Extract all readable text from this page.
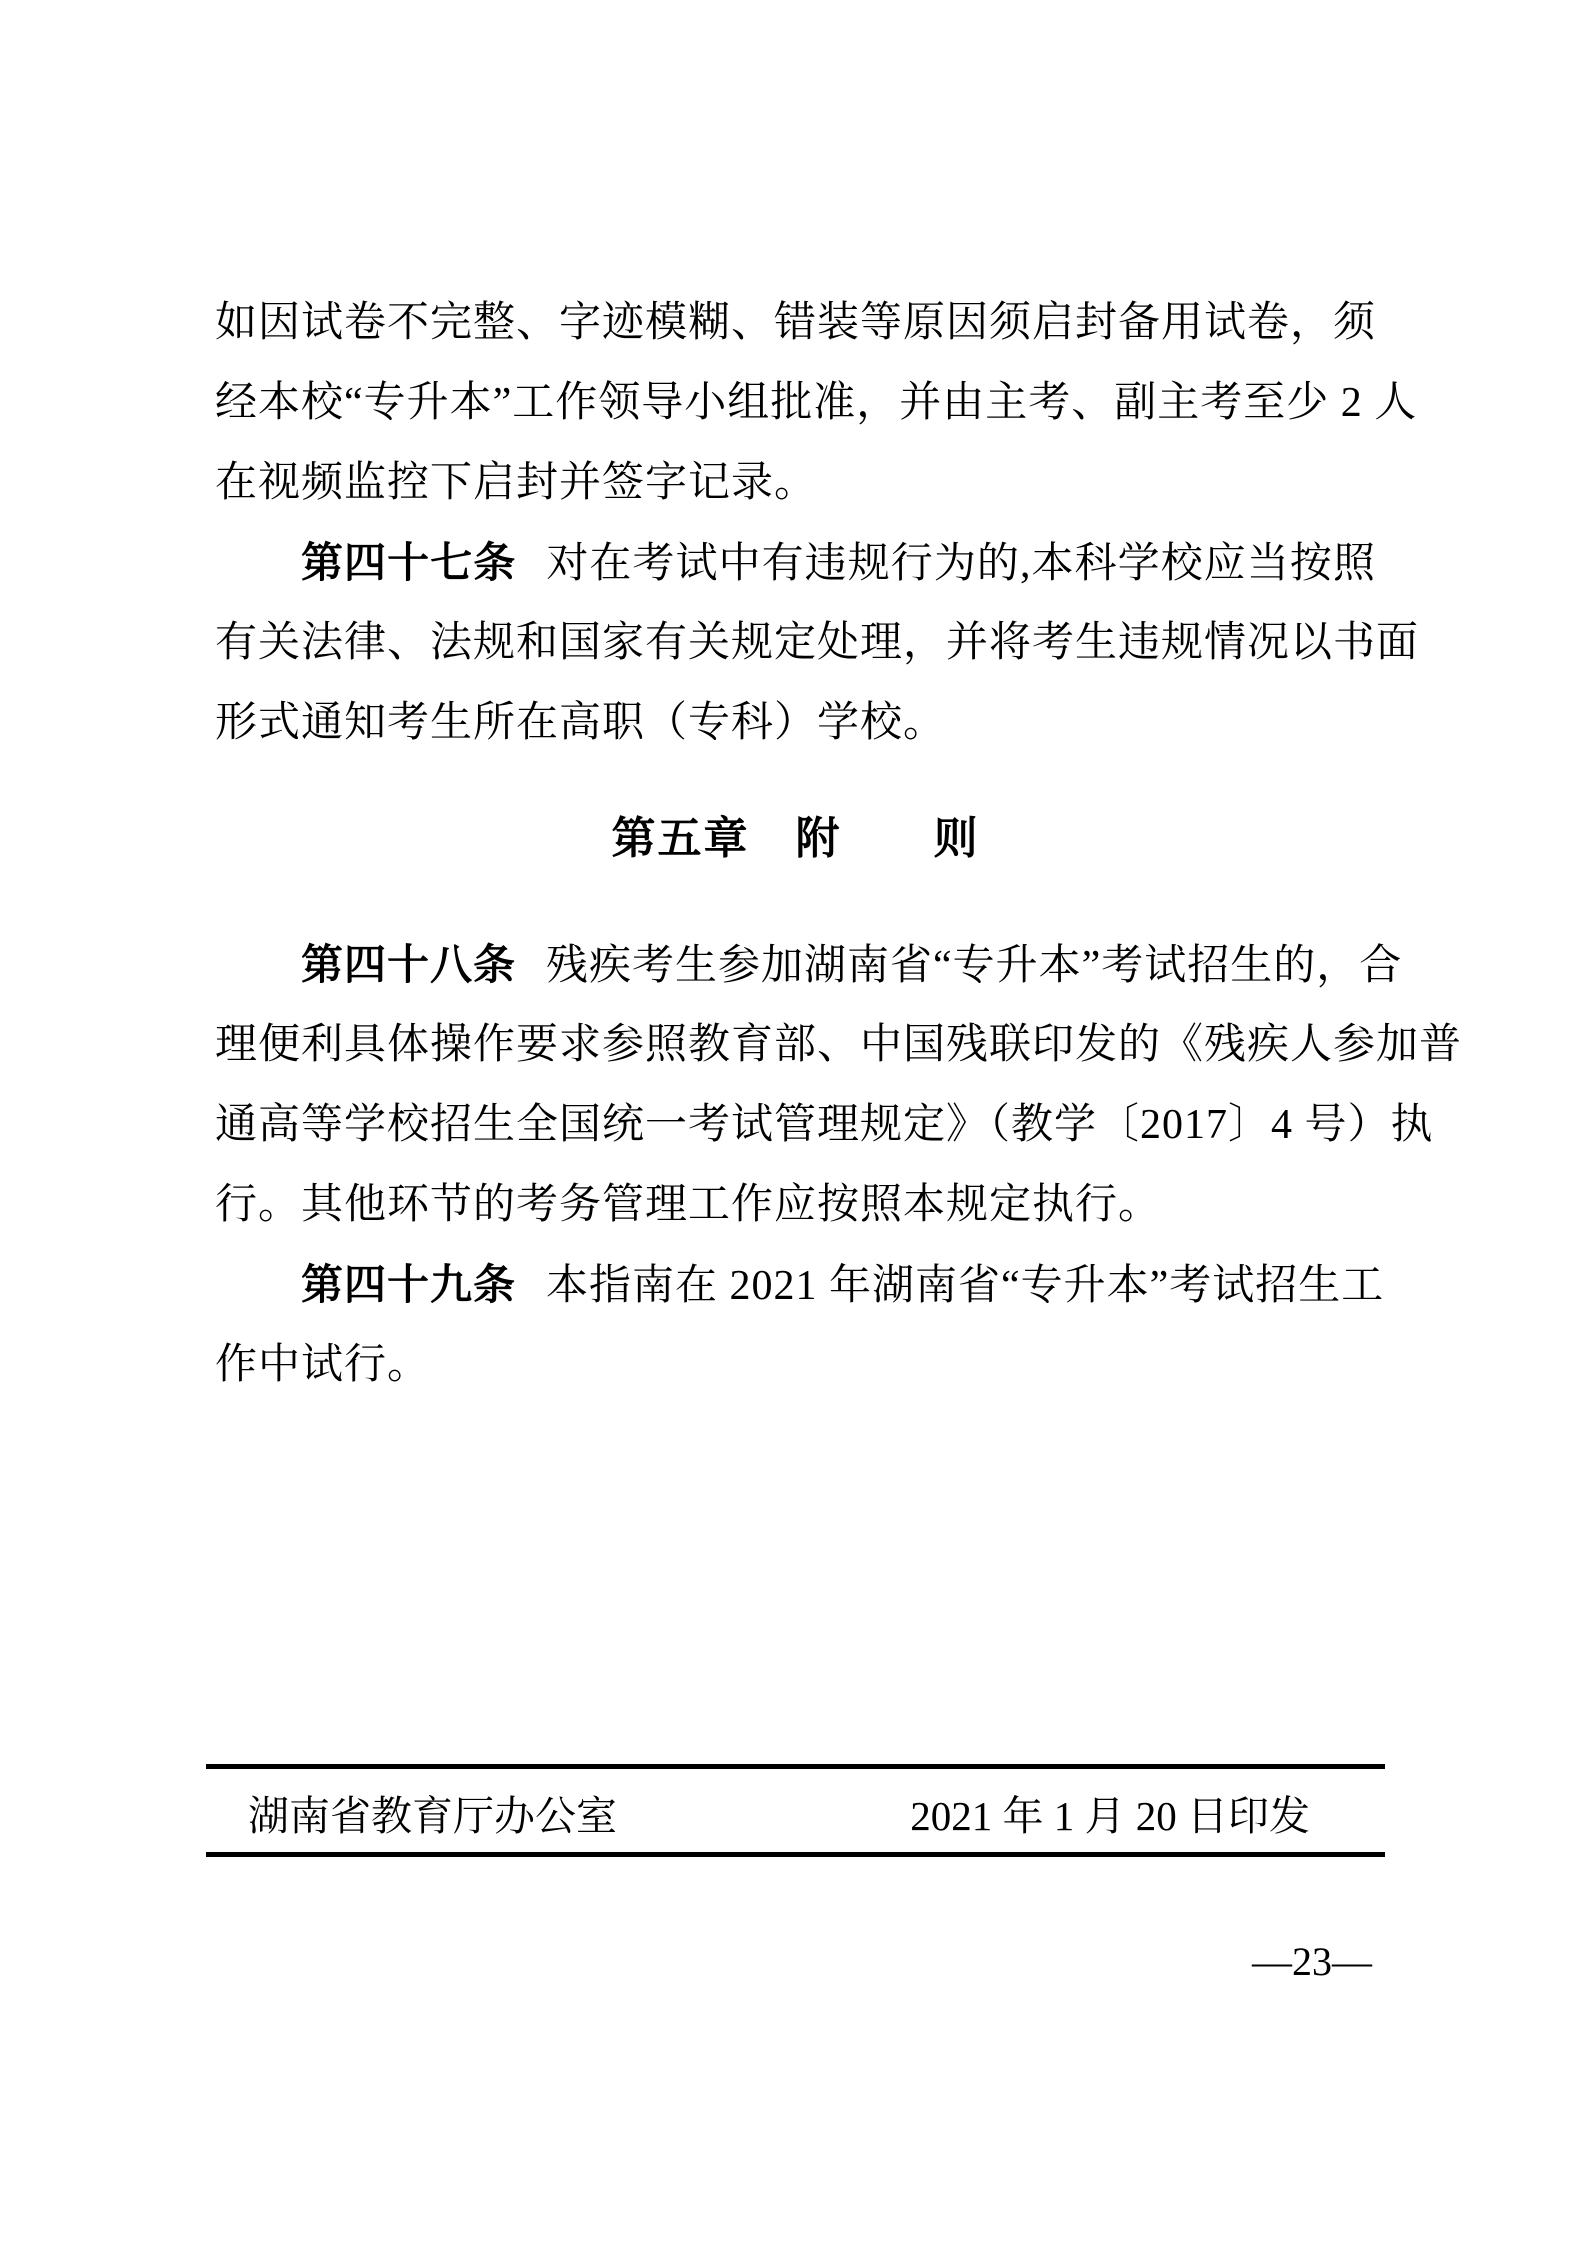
如因试卷不完整、字迹模糊、错装等原因须启封备用试卷，须
经本校“专升本”工作领导小组批准，并由主考、副主考至少 2 人
在视频监控下启封并签字记录。
第四十七条 对在考试中有违规行为的,本科学校应当按照
有关法律、法规和国家有关规定处理，并将考生违规情况以书面
形式通知考生所在高职（专科）学校。
第五章　附　　则
第四十八条 残疾考生参加湖南省“专升本”考试招生的，合
理便利具体操作要求参照教育部、中国残联印发的《残疾人参加普
通高等学校招生全国统一考试管理规定》（教学〔2017〕4 号）执
行。其他环节的考务管理工作应按照本规定执行。
第四十九条 本指南在 2021 年湖南省“专升本”考试招生工
作中试行。
湖南省教育厅办公室	2021 年 1 月 20 日印发
—23—
